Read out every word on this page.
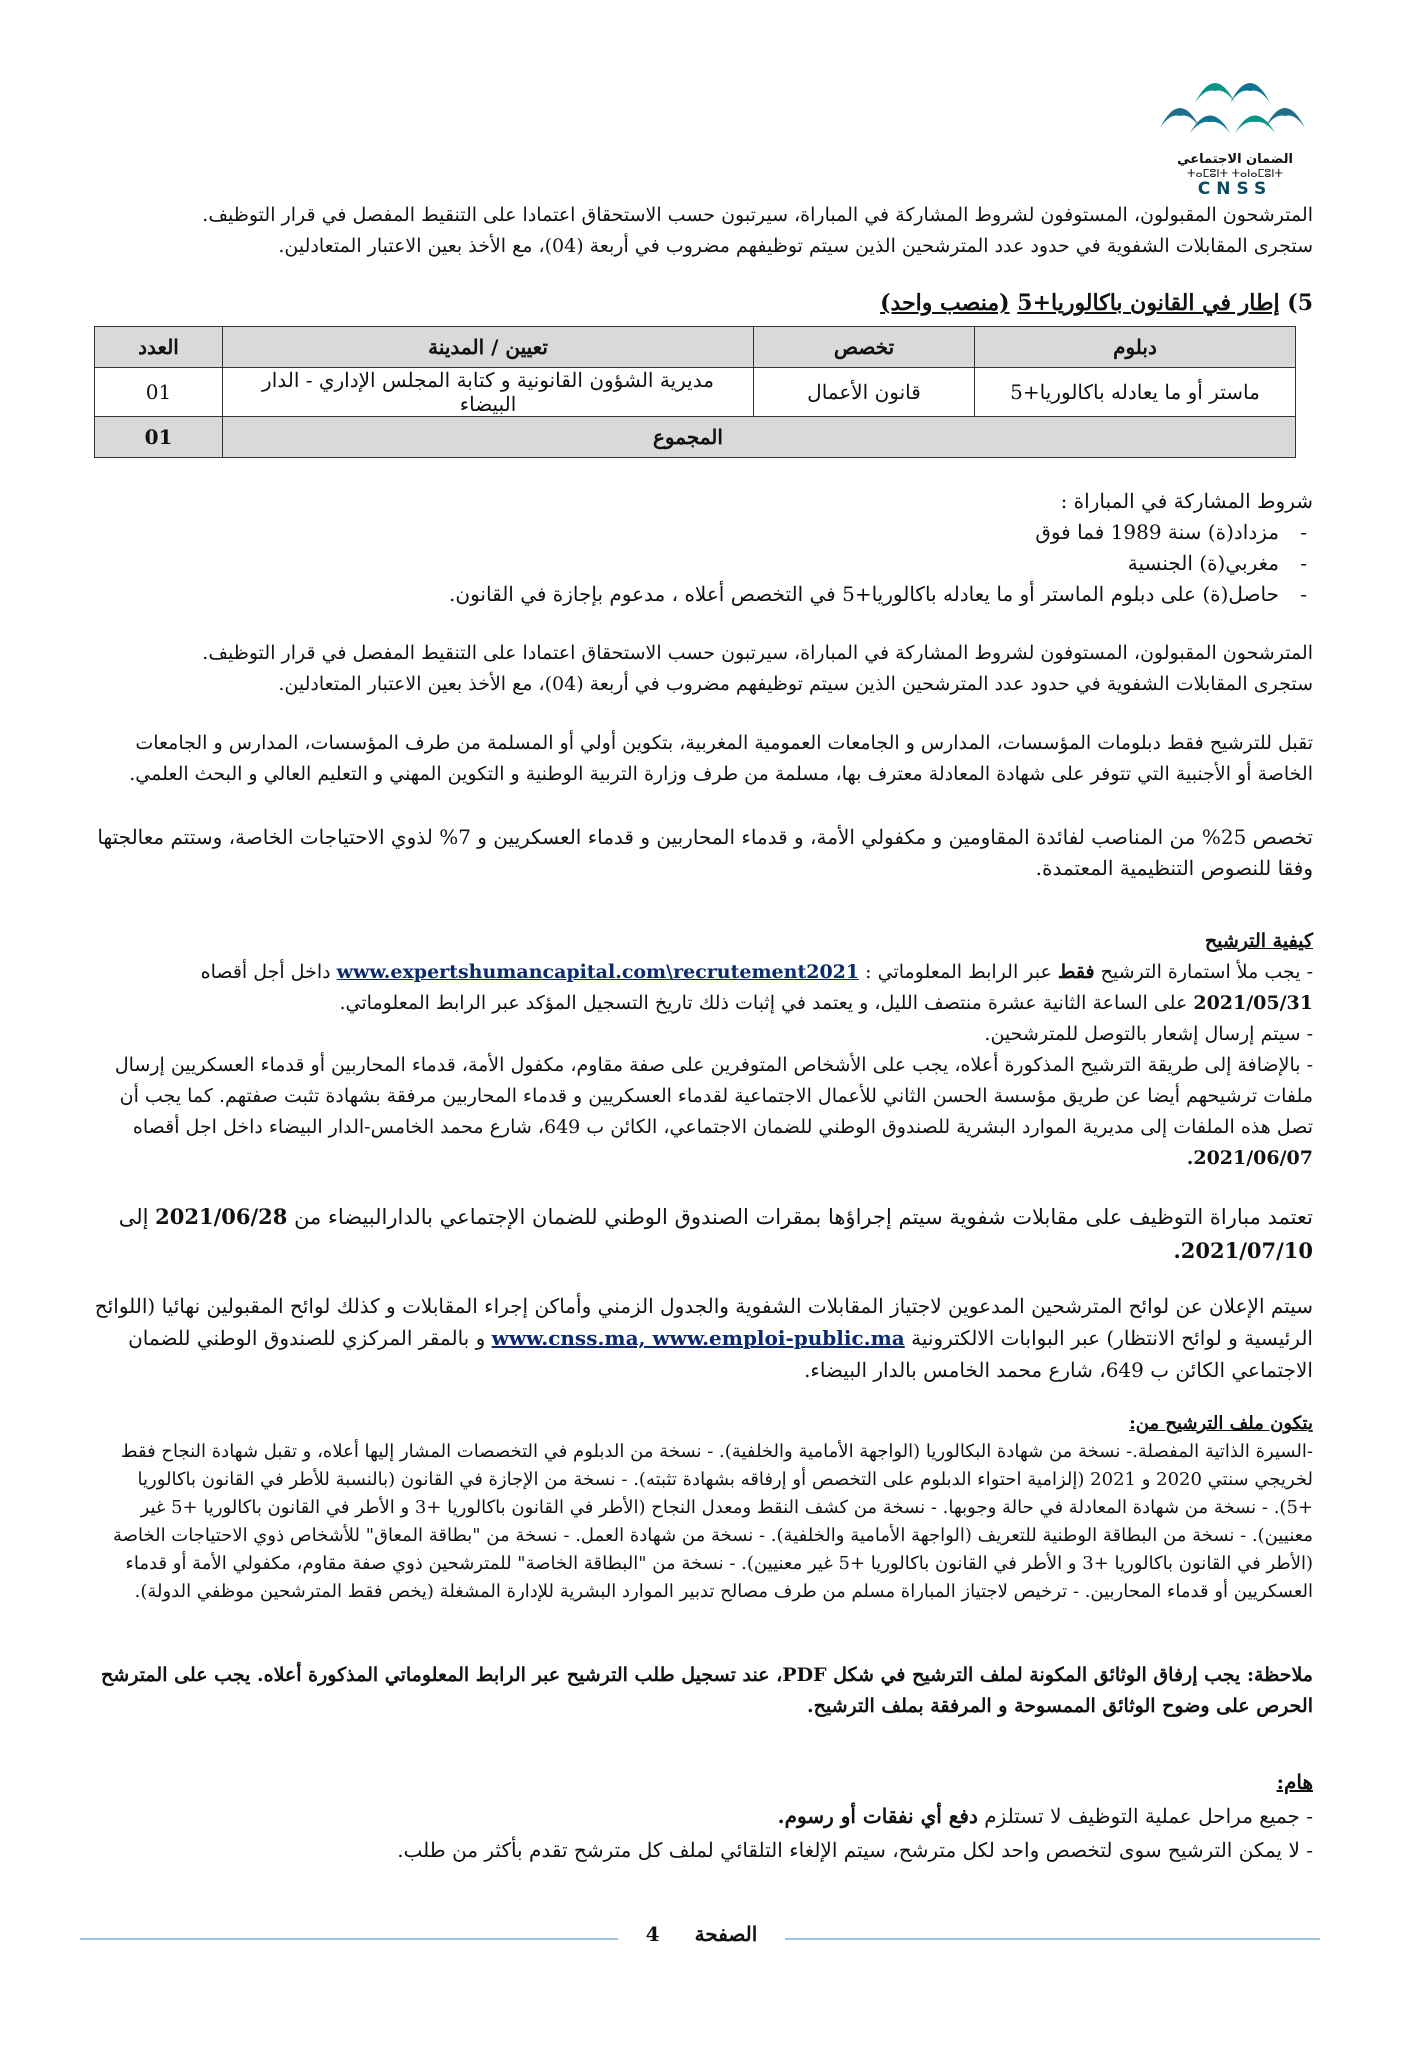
الضمان الاجتماعي
ⵜⴰⵎⵓⵏⵜ ⵜⴰⵏⴰⵎⵓⵏⵜ
CNSS
المترشحون المقبولون، المستوفون لشروط المشاركة في المباراة، سيرتبون حسب الاستحقاق اعتمادا على التنقيط المفصل في قرار التوظيف.
ستجرى المقابلات الشفوية في حدود عدد المترشحين الذين سيتم توظيفهم مضروب في أربعة (04)، مع الأخذ بعين الاعتبار المتعادلين.
5) إطار في القانون باكالوريا+5 (منصب واحد)
دبلوم	تخصص	تعيين / المدينة	العدد
ماستر أو ما يعادله باكالوريا+5	قانون الأعمال	مديرية الشؤون القانونية و كتابة المجلس الإداري - الدار البيضاء	01
المجموع			01
شروط المشاركة في المباراة :
- مزداد(ة) سنة 1989 فما فوق
- مغربي(ة) الجنسية
- حاصل(ة) على دبلوم الماستر أو ما يعادله باكالوريا+5 في التخصص أعلاه ، مدعوم بإجازة في القانون.
المترشحون المقبولون، المستوفون لشروط المشاركة في المباراة، سيرتبون حسب الاستحقاق اعتمادا على التنقيط المفصل في قرار التوظيف.
ستجرى المقابلات الشفوية في حدود عدد المترشحين الذين سيتم توظيفهم مضروب في أربعة (04)، مع الأخذ بعين الاعتبار المتعادلين.
تقبل للترشيح فقط دبلومات المؤسسات، المدارس و الجامعات العمومية المغربية، بتكوين أولي أو المسلمة من طرف المؤسسات، المدارس و الجامعات الخاصة أو الأجنبية التي تتوفر على شهادة المعادلة معترف بها، مسلمة من طرف وزارة التربية الوطنية و التكوين المهني و التعليم العالي و البحث العلمي.
تخصص 25% من المناصب لفائدة المقاومين و مكفولي الأمة، و قدماء المحاربين و قدماء العسكريين و 7% لذوي الاحتياجات الخاصة، وستتم معالجتها وفقا للنصوص التنظيمية المعتمدة.
كيفية الترشيح
- يجب ملأ استمارة الترشيح فقط عبر الرابط المعلوماتي : www.expertshumancapital.com\recrutement2021 داخل أجل أقصاه 2021/05/31 على الساعة الثانية عشرة منتصف الليل، و يعتمد في إثبات ذلك تاريخ التسجيل المؤكد عبر الرابط المعلوماتي.
- سيتم إرسال إشعار بالتوصل للمترشحين.
- بالإضافة إلى طريقة الترشيح المذكورة أعلاه، يجب على الأشخاص المتوفرين على صفة مقاوم، مكفول الأمة، قدماء المحاربين أو قدماء العسكريين إرسال ملفات ترشيحهم أيضا عن طريق مؤسسة الحسن الثاني للأعمال الاجتماعية لقدماء العسكريين و قدماء المحاربين مرفقة بشهادة تثبت صفتهم. كما يجب أن تصل هذه الملفات إلى مديرية الموارد البشرية للصندوق الوطني للضمان الاجتماعي، الكائن ب 649، شارع محمد الخامس-الدار البيضاء داخل اجل أقصاه 2021/06/07.
تعتمد مباراة التوظيف على مقابلات شفوية سيتم إجراؤها بمقرات الصندوق الوطني للضمان الإجتماعي بالدارالبيضاء من 2021/06/28 إلى 2021/07/10.
سيتم الإعلان عن لوائح المترشحين المدعوين لاجتياز المقابلات الشفوية والجدول الزمني وأماكن إجراء المقابلات و كذلك لوائح المقبولين نهائيا (اللوائح الرئيسية و لوائح الانتظار) عبر البوابات الالكترونية www.cnss.ma, www.emploi-public.ma و بالمقر المركزي للصندوق الوطني للضمان الاجتماعي الكائن ب 649، شارع محمد الخامس بالدار البيضاء.
يتكون ملف الترشيح من:
-السيرة الذاتية المفصلة.- نسخة من شهادة البكالوريا (الواجهة الأمامية والخلفية). - نسخة من الدبلوم في التخصصات المشار إليها أعلاه، و تقبل شهادة النجاح فقط لخريجي سنتي 2020 و 2021 (إلزامية احتواء الدبلوم على التخصص أو إرفاقه بشهادة تثبته). - نسخة من الإجازة في القانون (بالنسبة للأطر في القانون باكالوريا +5). - نسخة من شهادة المعادلة في حالة وجوبها. - نسخة من كشف النقط ومعدل النجاح (الأطر في القانون باكالوريا +3 و الأطر في القانون باكالوريا +5 غير معنيين). - نسخة من البطاقة الوطنية للتعريف (الواجهة الأمامية والخلفية). - نسخة من شهادة العمل. - نسخة من "بطاقة المعاق" للأشخاص ذوي الاحتياجات الخاصة (الأطر في القانون باكالوريا +3 و الأطر في القانون باكالوريا +5 غير معنيين). - نسخة من "البطاقة الخاصة" للمترشحين ذوي صفة مقاوم، مكفولي الأمة أو قدماء العسكريين أو قدماء المحاربين. - ترخيص لاجتياز المباراة مسلم من طرف مصالح تدبير الموارد البشرية للإدارة المشغلة (يخص فقط المترشحين موظفي الدولة).
ملاحظة: يجب إرفاق الوثائق المكونة لملف الترشيح في شكل PDF، عند تسجيل طلب الترشيح عبر الرابط المعلوماتي المذكورة أعلاه. يجب على المترشح الحرص على وضوح الوثائق الممسوحة و المرفقة بملف الترشيح.
هام:
- جميع مراحل عملية التوظيف لا تستلزم دفع أي نفقات أو رسوم.
- لا يمكن الترشيح سوى لتخصص واحد لكل مترشح، سيتم الإلغاء التلقائي لملف كل مترشح تقدم بأكثر من طلب.
الصفحة 4
